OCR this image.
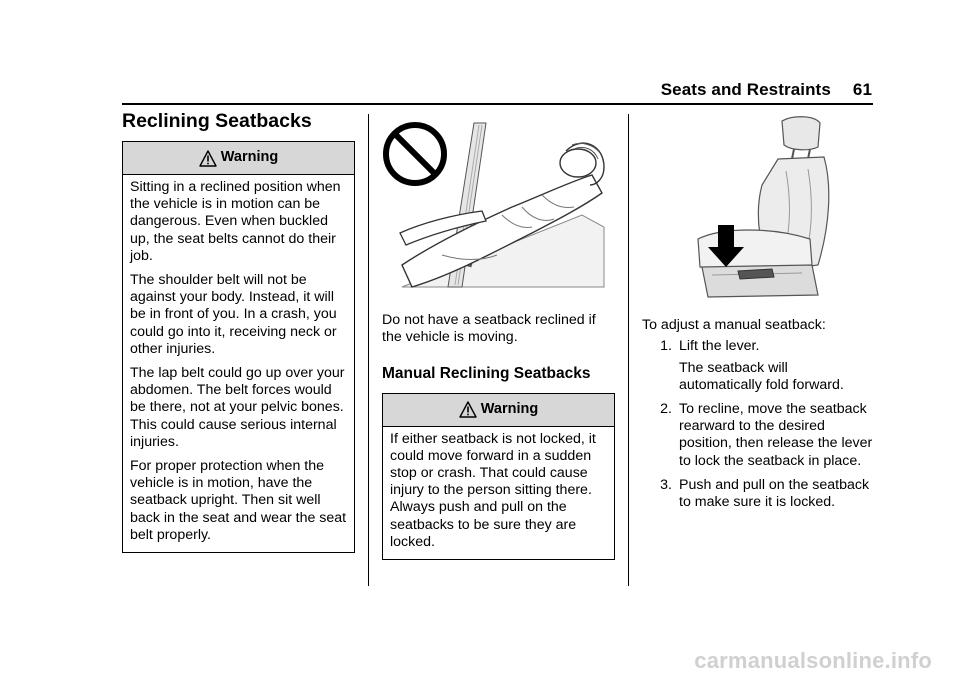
Seats and Restraints 61
Reclining Seatbacks
Warning

Sitting in a reclined position when the vehicle is in motion can be dangerous. Even when buckled up, the seat belts cannot do their job.

The shoulder belt will not be against your body. Instead, it will be in front of you. In a crash, you could go into it, receiving neck or other injuries.

The lap belt could go up over your abdomen. The belt forces would be there, not at your pelvic bones. This could cause serious internal injuries.

For proper protection when the vehicle is in motion, have the seatback upright. Then sit well back in the seat and wear the seat belt properly.

Do not have a seatback reclined if the vehicle is moving.

Manual Reclining Seatbacks
Warning

If either seatback is not locked, it could move forward in a sudden stop or crash. That could cause injury to the person sitting there. Always push and pull on the seatbacks to be sure they are locked.

To adjust a manual seatback:

1. Lift the lever.

The seatback will automatically fold forward.

2. To recline, move the seatback rearward to the desired position, then release the lever to lock the seatback in place.
3. Push and pull on the seatback to make sure it is locked.
carmanualsonline.info
